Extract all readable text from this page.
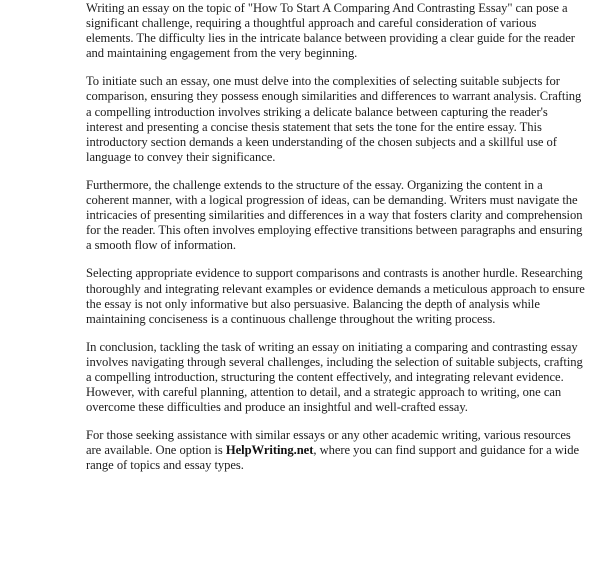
Writing an essay on the topic of "How To Start A Comparing And Contrasting Essay" can pose a significant challenge, requiring a thoughtful approach and careful consideration of various elements. The difficulty lies in the intricate balance between providing a clear guide for the reader and maintaining engagement from the very beginning.

To initiate such an essay, one must delve into the complexities of selecting suitable subjects for comparison, ensuring they possess enough similarities and differences to warrant analysis. Crafting a compelling introduction involves striking a delicate balance between capturing the reader's interest and presenting a concise thesis statement that sets the tone for the entire essay. This introductory section demands a keen understanding of the chosen subjects and a skillful use of language to convey their significance.

Furthermore, the challenge extends to the structure of the essay. Organizing the content in a coherent manner, with a logical progression of ideas, can be demanding. Writers must navigate the intricacies of presenting similarities and differences in a way that fosters clarity and comprehension for the reader. This often involves employing effective transitions between paragraphs and ensuring a smooth flow of information.

Selecting appropriate evidence to support comparisons and contrasts is another hurdle. Researching thoroughly and integrating relevant examples or evidence demands a meticulous approach to ensure the essay is not only informative but also persuasive. Balancing the depth of analysis while maintaining conciseness is a continuous challenge throughout the writing process.

In conclusion, tackling the task of writing an essay on initiating a comparing and contrasting essay involves navigating through several challenges, including the selection of suitable subjects, crafting a compelling introduction, structuring the content effectively, and integrating relevant evidence. However, with careful planning, attention to detail, and a strategic approach to writing, one can overcome these difficulties and produce an insightful and well-crafted essay.

For those seeking assistance with similar essays or any other academic writing, various resources are available. One option is HelpWriting.net, where you can find support and guidance for a wide range of topics and essay types.
